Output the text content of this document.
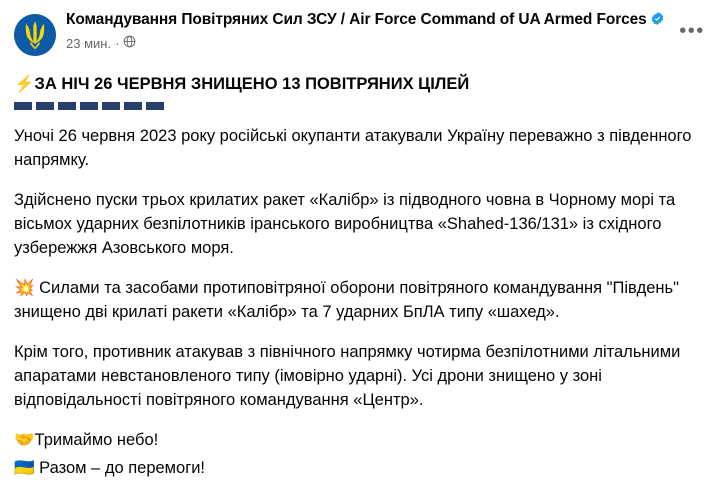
Командування Повітряних Сил ЗСУ / Air Force Command of UA Armed Forces
23 мин. ·
•••
⚡ЗА НІЧ 26 ЧЕРВНЯ ЗНИЩЕНО 13 ПОВІТРЯНИХ ЦІЛЕЙ

Уночі 26 червня 2023 року російські окупанти атакували Україну переважно з південного напрямку.

Здійснено пуски трьох крилатих ракет «Калібр» із підводного човна в Чорному морі та вісьмох ударних безпілотників іранського виробництва «Shahed-136/131» із східного узбережжя Азовського моря.

💥 Силами та засобами протиповітряної оборони повітряного командування "Південь" знищено дві крилаті ракети «Калібр» та 7 ударних БпЛА типу «шахед».

Крім того, противник атакував з північного напрямку чотирма безпілотними літальними апаратами невстановленого типу (імовірно ударні). Усі дрони знищено у зоні відповідальності повітряного командування «Центр».

🤝Тримаймо небо!
🇺🇦 Разом – до перемоги!
